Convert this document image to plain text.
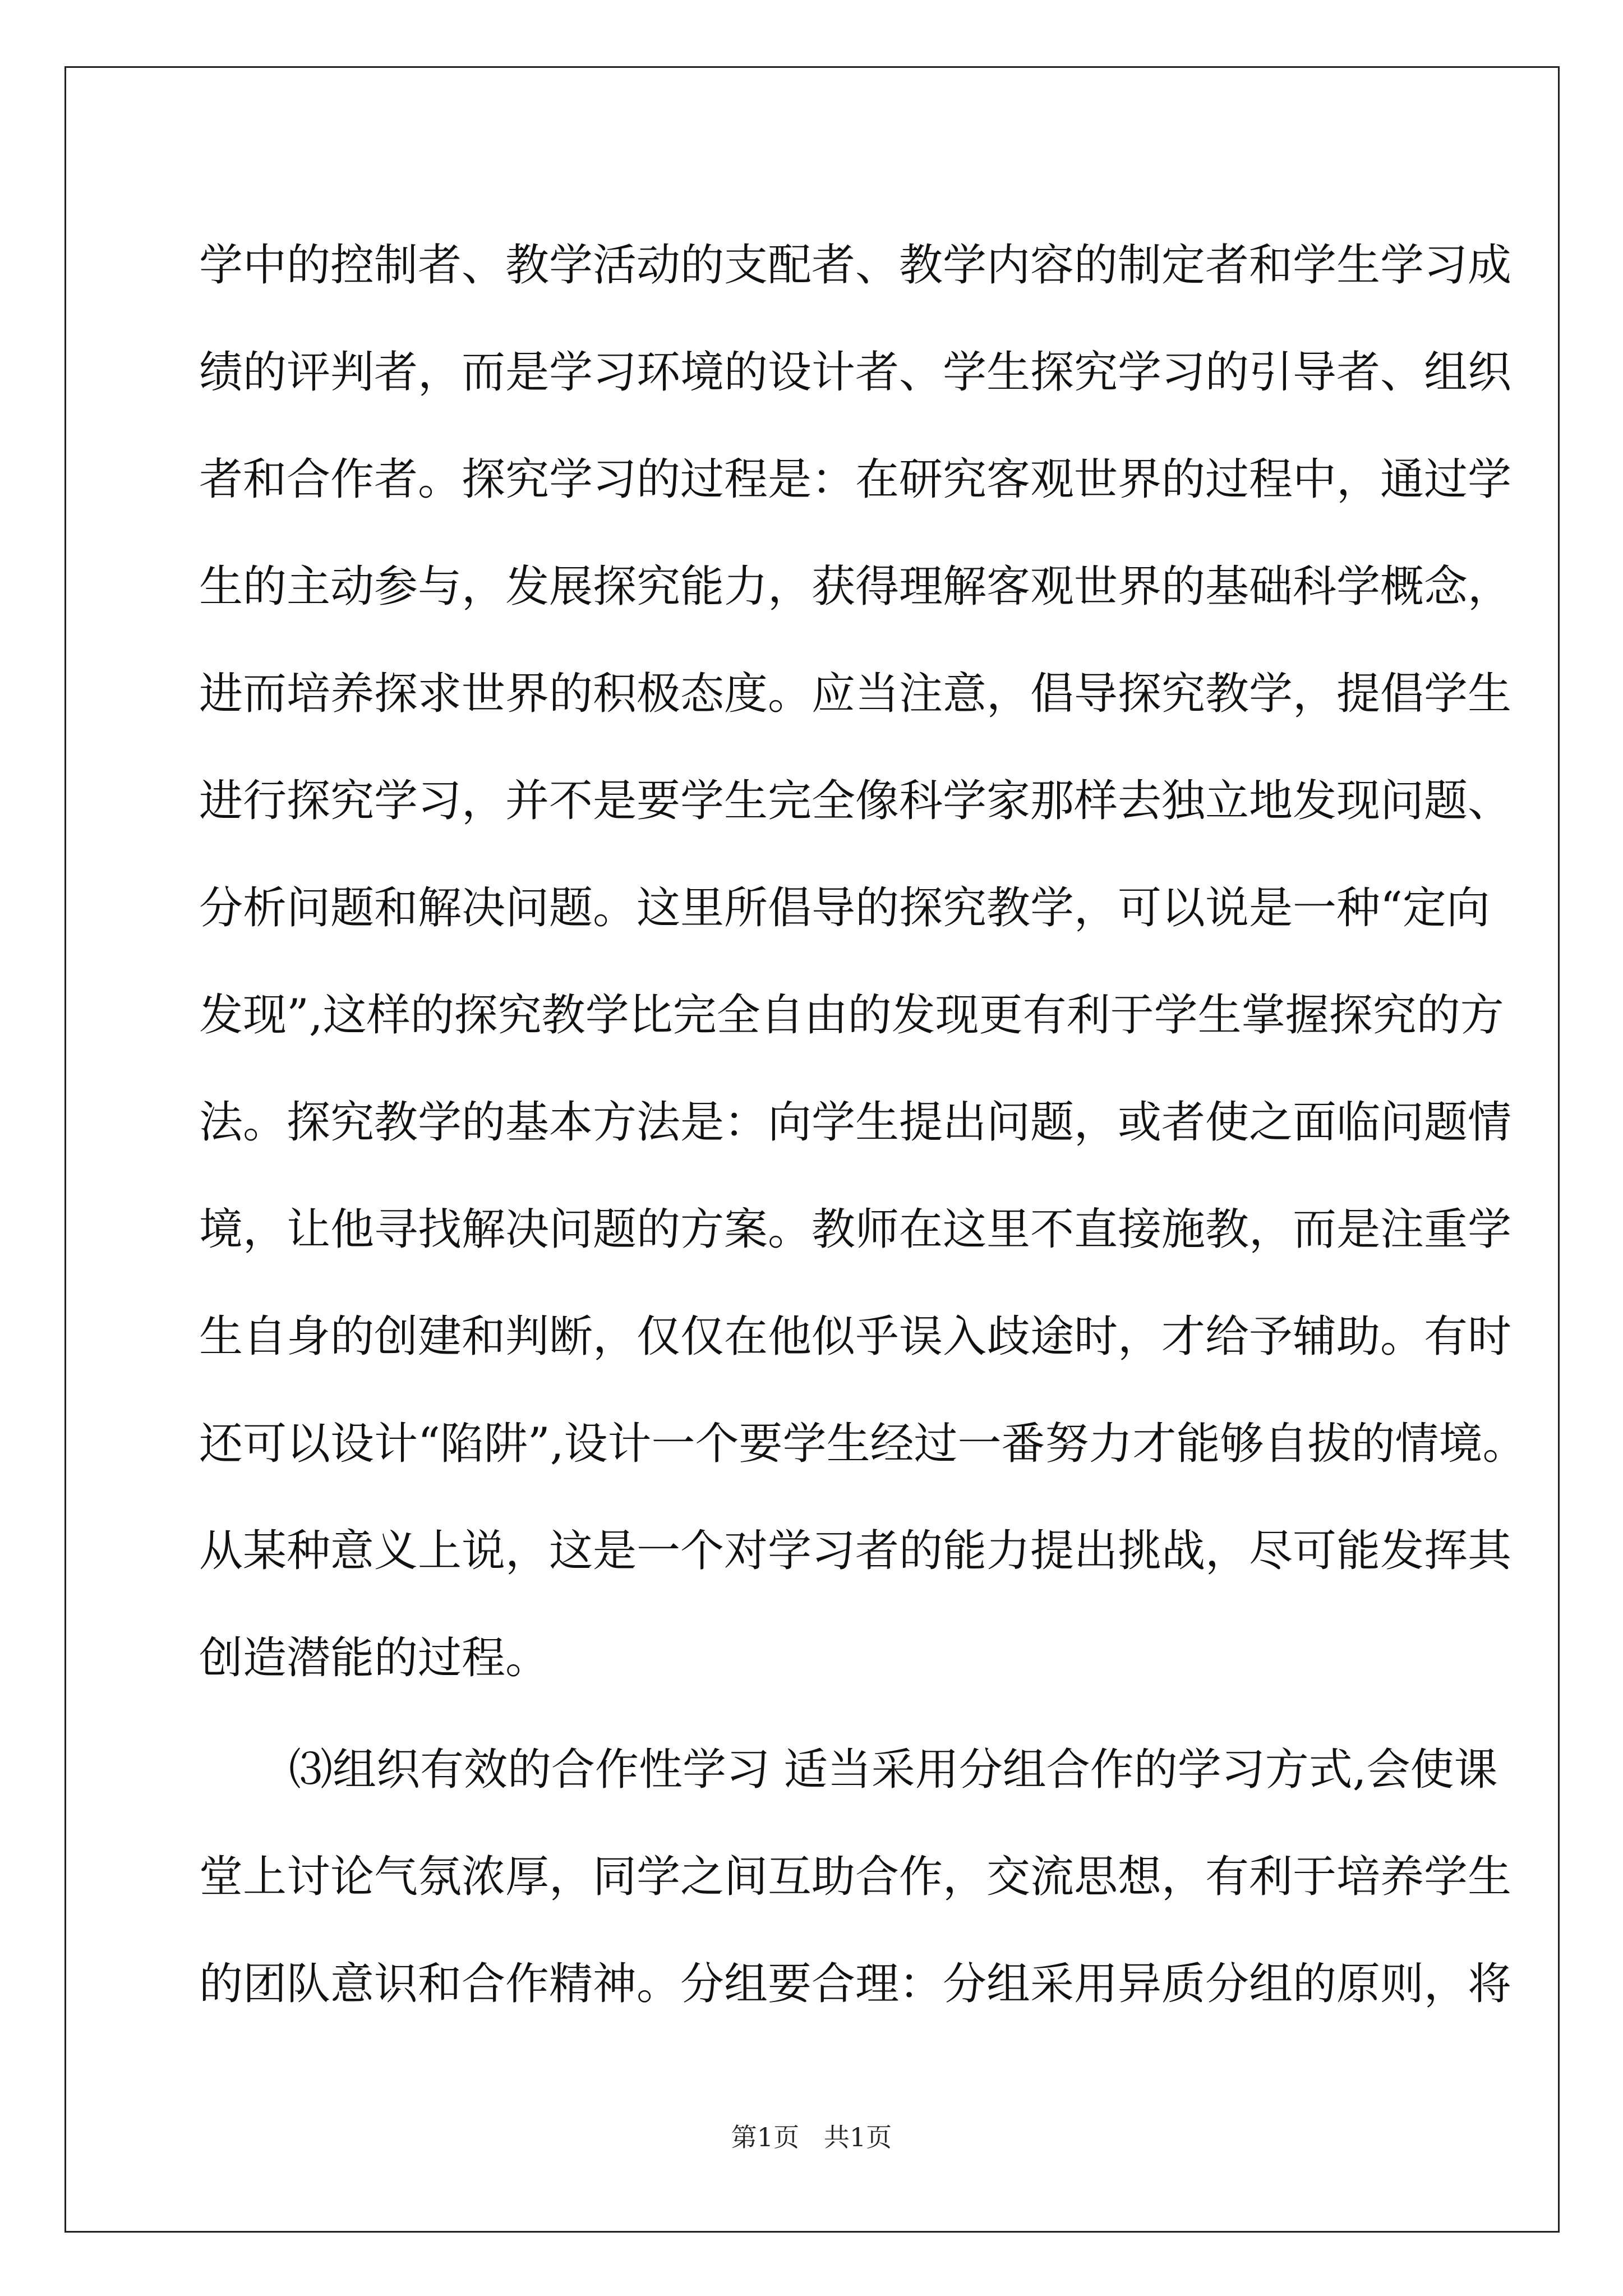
学中的控制者、教学活动的支配者、教学内容的制定者和学生学习成
绩的评判者，而是学习环境的设计者、学生探究学习的引导者、组织
者和合作者。探究学习的过程是：在研究客观世界的过程中，通过学
生的主动参与，发展探究能力，获得理解客观世界的基础科学概念，
进而培养探求世界的积极态度。应当注意，倡导探究教学，提倡学生
进行探究学习，并不是要学生完全像科学家那样去独立地发现问题、
分析问题和解决问题。这里所倡导的探究教学，可以说是一种“定向
发现”,这样的探究教学比完全自由的发现更有利于学生掌握探究的方
法。探究教学的基本方法是：向学生提出问题，或者使之面临问题情
境，让他寻找解决问题的方案。教师在这里不直接施教，而是注重学
生自身的创建和判断，仅仅在他似乎误入歧途时，才给予辅助。有时
还可以设计“陷阱”,设计一个要学生经过一番努力才能够自拔的情境。
从某种意义上说，这是一个对学习者的能力提出挑战，尽可能发挥其
创造潜能的过程。
⑶组织有效的合作性学习 适当采用分组合作的学习方式,会使课
堂上讨论气氛浓厚，同学之间互助合作，交流思想，有利于培养学生
的团队意识和合作精神。分组要合理：分组采用异质分组的原则，将
第1页   共1页
